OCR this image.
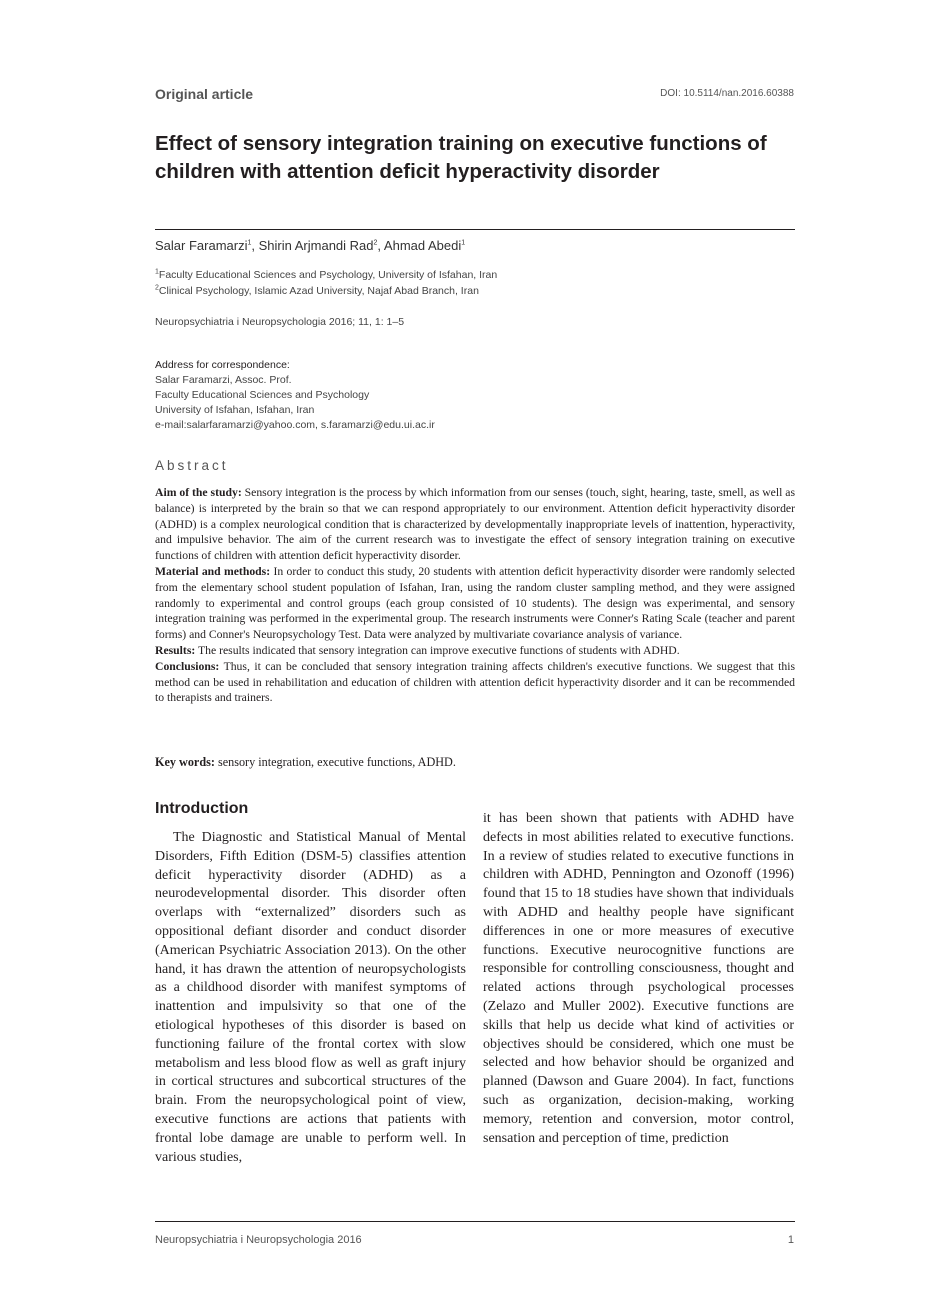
Original article	DOI: 10.5114/nan.2016.60388
Effect of sensory integration training on executive functions of children with attention deficit hyperactivity disorder
Salar Faramarzi$^1$, Shirin Arjmandi Rad$^2$, Ahmad Abedi$^1$
$^1$Faculty Educational Sciences and Psychology, University of Isfahan, Iran
$^2$Clinical Psychology, Islamic Azad University, Najaf Abad Branch, Iran
Neuropsychiatria i Neuropsychologia 2016; 11, 1: 1–5
Address for correspondence:
Salar Faramarzi, Assoc. Prof.
Faculty Educational Sciences and Psychology
University of Isfahan, Isfahan, Iran
e-mail:salarfaramarzi@yahoo.com, s.faramarzi@edu.ui.ac.ir
Abstract

Aim of the study: Sensory integration is the process by which information from our senses (touch, sight, hearing, taste, smell, as well as balance) is interpreted by the brain so that we can respond appropriately to our environment. Attention deficit hyperactivity disorder (ADHD) is a complex neurological condition that is characterized by developmentally inappropriate levels of inattention, hyperactivity, and impulsive behavior. The aim of the current research was to investigate the effect of sensory integration training on executive functions of children with attention deficit hyperactivity disorder.

Material and methods: In order to conduct this study, 20 students with attention deficit hyperactivity disorder were randomly selected from the elementary school student population of Isfahan, Iran, using the random cluster sampling method, and they were assigned randomly to experimental and control groups (each group consisted of 10 students). The design was experimental, and sensory integration training was performed in the experimental group. The research instruments were Conner's Rating Scale (teacher and parent forms) and Conner's Neuropsychology Test. Data were analyzed by multivariate covariance analysis of variance.

Results: The results indicated that sensory integration can improve executive functions of students with ADHD.

Conclusions: Thus, it can be concluded that sensory integration training affects children's executive functions. We suggest that this method can be used in rehabilitation and education of children with attention deficit hyperactivity disorder and it can be recommended to therapists and trainers.

Key words: sensory integration, executive functions, ADHD.
Introduction

The Diagnostic and Statistical Manual of Mental Disorders, Fifth Edition (DSM-5) classifies attention deficit hyperactivity disorder (ADHD) as a neurodevelopmental disorder. This disorder often overlaps with “externalized” disorders such as oppositional defiant disorder and conduct disorder (American Psychiatric Association 2013). On the other hand, it has drawn the attention of neuropsychologists as a childhood disorder with manifest symptoms of inattention and impulsivity so that one of the etiological hypotheses of this disorder is based on functioning failure of the frontal cortex with slow metabolism and less blood flow as well as graft injury in cortical structures and subcortical structures of the brain. From the neuropsychological point of view, executive functions are actions that patients with frontal lobe damage are unable to perform well. In various studies,

it has been shown that patients with ADHD have defects in most abilities related to executive functions. In a review of studies related to executive functions in children with ADHD, Pennington and Ozonoff (1996) found that 15 to 18 studies have shown that individuals with ADHD and healthy people have significant differences in one or more measures of executive functions. Executive neurocognitive functions are responsible for controlling consciousness, thought and related actions through psychological processes (Zelazo and Muller 2002). Executive functions are skills that help us decide what kind of activities or objectives should be considered, which one must be selected and how behavior should be organized and planned (Dawson and Guare 2004). In fact, functions such as organization, decision-making, working memory, retention and conversion, motor control, sensation and perception of time, prediction

Neuropsychiatria i Neuropsychologia 2016	1
